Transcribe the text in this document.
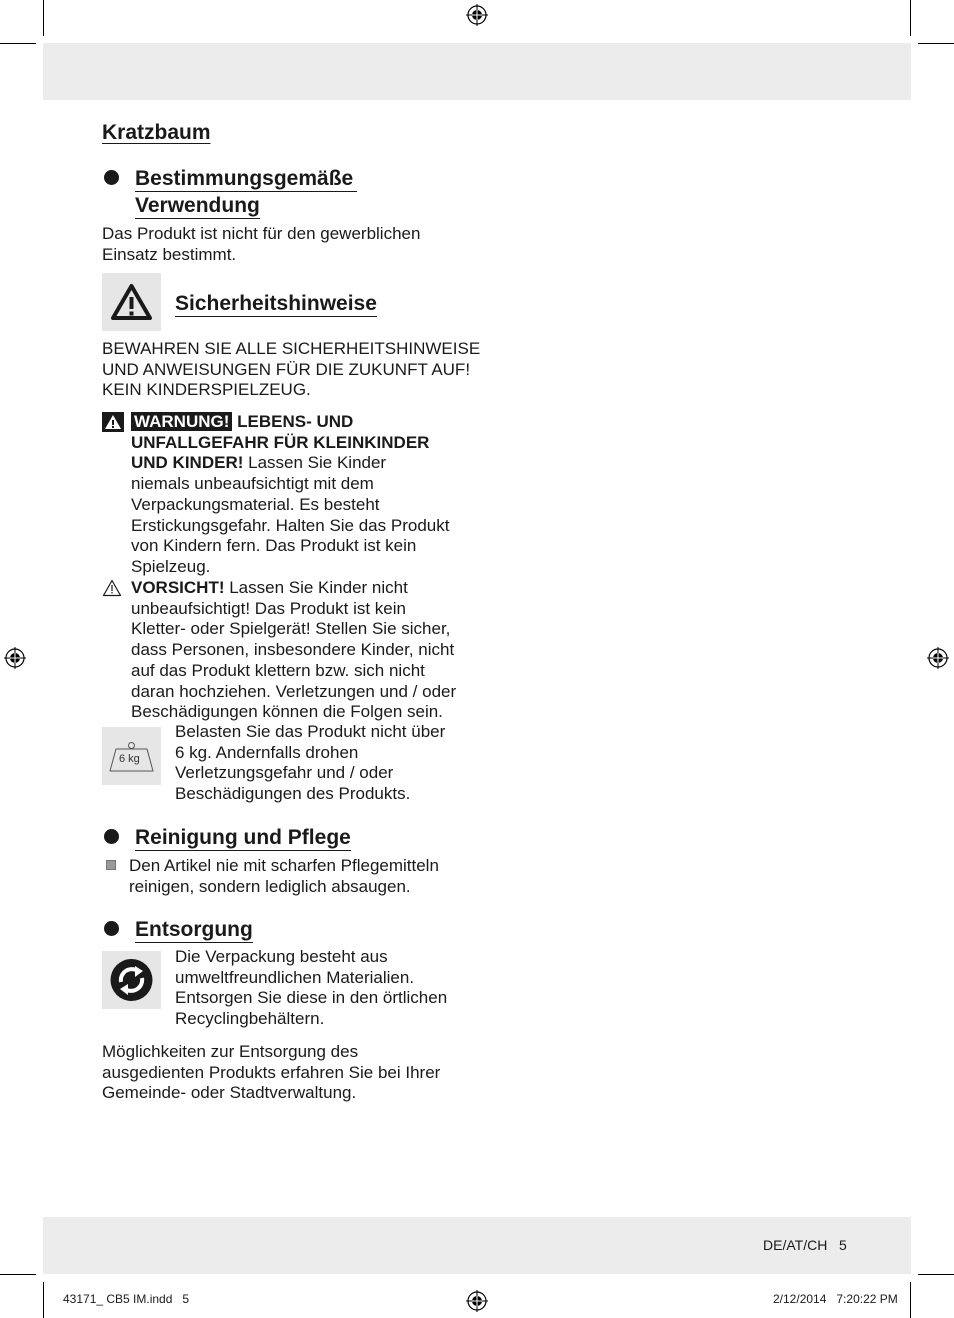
Kratzbaum
Bestimmungsgemäße
Verwendung
Das Produkt ist nicht für den gewerblichen
Einsatz bestimmt.
Sicherheitshinweise
BEWAHREN SIE ALLE SICHERHEITSHINWEISE
UND ANWEISUNGEN FÜR DIE ZUKUNFT AUF!
KEIN KINDERSPIELZEUG.
WARNUNG! LEBENS- UND
UNFALLGEFAHR FÜR KLEINKINDER
UND KINDER! Lassen Sie Kinder
niemals unbeaufsichtigt mit dem
Verpackungsmaterial. Es besteht
Erstickungsgefahr. Halten Sie das Produkt
von Kindern fern. Das Produkt ist kein
Spielzeug.
VORSICHT! Lassen Sie Kinder nicht
unbeaufsichtigt! Das Produkt ist kein
Kletter- oder Spielgerät! Stellen Sie sicher,
dass Personen, insbesondere Kinder, nicht
auf das Produkt klettern bzw. sich nicht
daran hochziehen. Verletzungen und / oder
Beschädigungen können die Folgen sein.
6 kg
Belasten Sie das Produkt nicht über
6 kg. Andernfalls drohen
Verletzungsgefahr und / oder
Beschädigungen des Produkts.
Reinigung und Pflege
Den Artikel nie mit scharfen Pflegemitteln
reinigen, sondern lediglich absaugen.
Entsorgung
Die Verpackung besteht aus
umweltfreundlichen Materialien.
Entsorgen Sie diese in den örtlichen
Recyclingbehältern.
Möglichkeiten zur Entsorgung des
ausgedienten Produkts erfahren Sie bei Ihrer
Gemeinde- oder Stadtverwaltung.
DE/AT/CH 5
43171_ CB5 IM.indd   5	2/12/2014   7:20:22 PM
